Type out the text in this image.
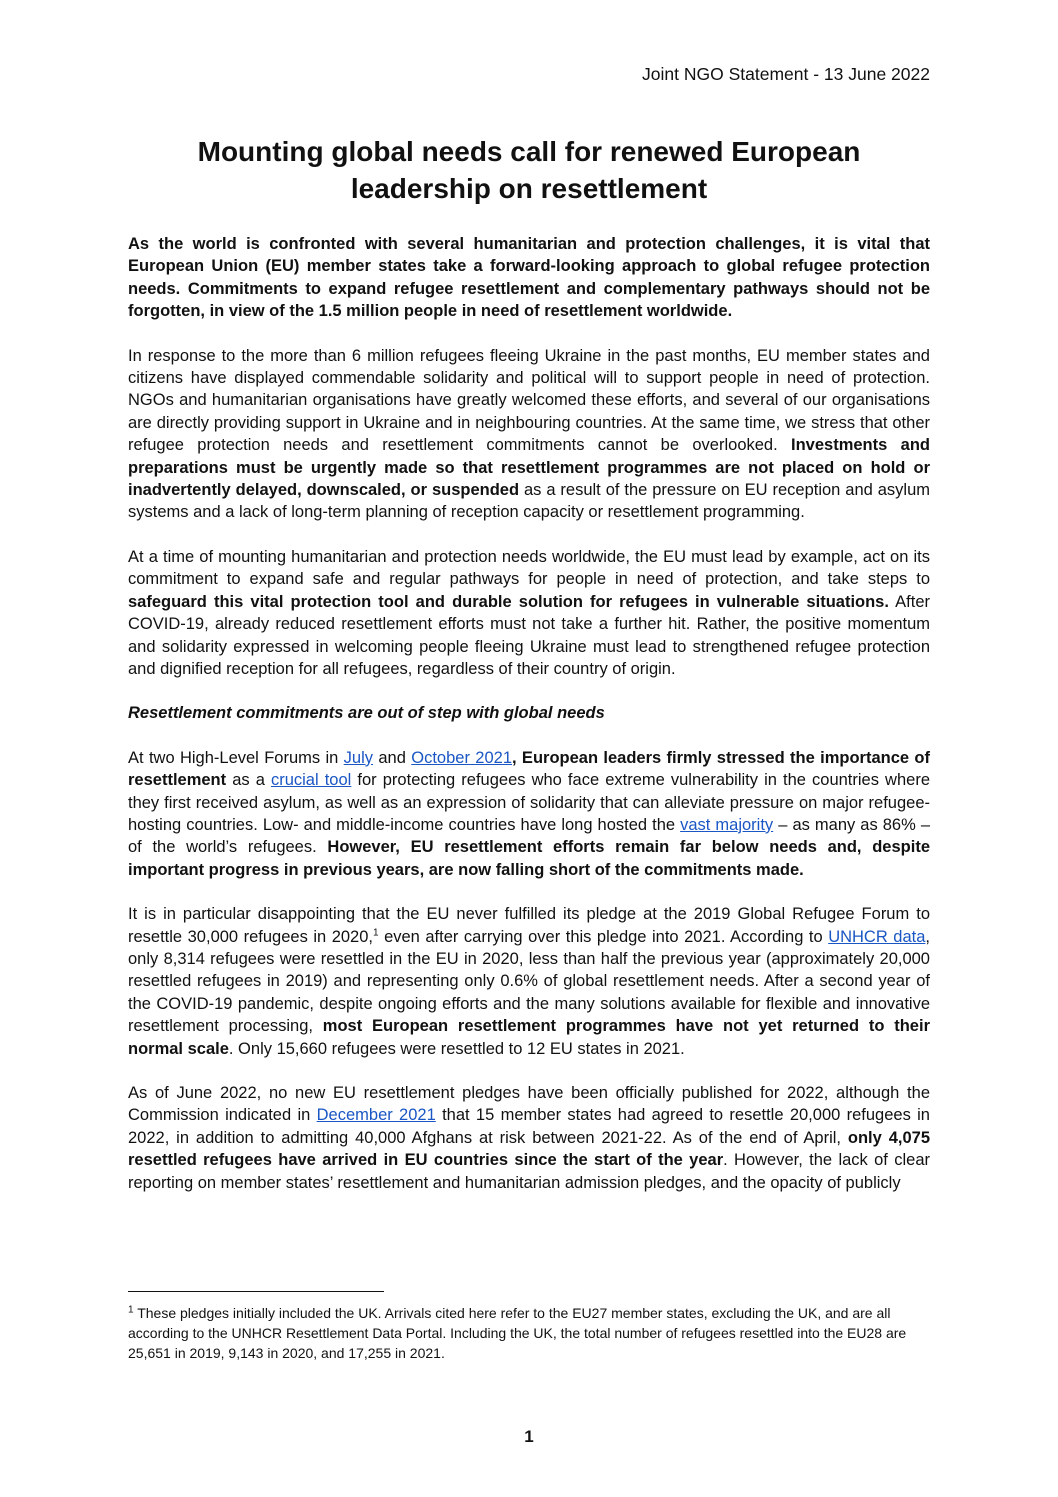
Joint NGO Statement - 13 June 2022
Mounting global needs call for renewed European leadership on resettlement

As the world is confronted with several humanitarian and protection challenges, it is vital that European Union (EU) member states take a forward-looking approach to global refugee protection needs. Commitments to expand refugee resettlement and complementary pathways should not be forgotten, in view of the 1.5 million people in need of resettlement worldwide.

In response to the more than 6 million refugees fleeing Ukraine in the past months, EU member states and citizens have displayed commendable solidarity and political will to support people in need of protection. NGOs and humanitarian organisations have greatly welcomed these efforts, and several of our organisations are directly providing support in Ukraine and in neighbouring countries. At the same time, we stress that other refugee protection needs and resettlement commitments cannot be overlooked. Investments and preparations must be urgently made so that resettlement programmes are not placed on hold or inadvertently delayed, downscaled, or suspended as a result of the pressure on EU reception and asylum systems and a lack of long-term planning of reception capacity or resettlement programming.

At a time of mounting humanitarian and protection needs worldwide, the EU must lead by example, act on its commitment to expand safe and regular pathways for people in need of protection, and take steps to safeguard this vital protection tool and durable solution for refugees in vulnerable situations. After COVID-19, already reduced resettlement efforts must not take a further hit. Rather, the positive momentum and solidarity expressed in welcoming people fleeing Ukraine must lead to strengthened refugee protection and dignified reception for all refugees, regardless of their country of origin.

Resettlement commitments are out of step with global needs

At two High-Level Forums in July and October 2021, European leaders firmly stressed the importance of resettlement as a crucial tool for protecting refugees who face extreme vulnerability in the countries where they first received asylum, as well as an expression of solidarity that can alleviate pressure on major refugee-hosting countries. Low- and middle-income countries have long hosted the vast majority – as many as 86% – of the world’s refugees. However, EU resettlement efforts remain far below needs and, despite important progress in previous years, are now falling short of the commitments made.

It is in particular disappointing that the EU never fulfilled its pledge at the 2019 Global Refugee Forum to resettle 30,000 refugees in 2020,$^1$ even after carrying over this pledge into 2021. According to UNHCR data, only 8,314 refugees were resettled in the EU in 2020, less than half the previous year (approximately 20,000 resettled refugees in 2019) and representing only 0.6% of global resettlement needs. After a second year of the COVID-19 pandemic, despite ongoing efforts and the many solutions available for flexible and innovative resettlement processing, most European resettlement programmes have not yet returned to their normal scale. Only 15,660 refugees were resettled to 12 EU states in 2021.

As of June 2022, no new EU resettlement pledges have been officially published for 2022, although the Commission indicated in December 2021 that 15 member states had agreed to resettle 20,000 refugees in 2022, in addition to admitting 40,000 Afghans at risk between 2021-22. As of the end of April, only 4,075 resettled refugees have arrived in EU countries since the start of the year. However, the lack of clear reporting on member states’ resettlement and humanitarian admission pledges, and the opacity of publicly

$^1$ These pledges initially included the UK. Arrivals cited here refer to the EU27 member states, excluding the UK, and are all according to the UNHCR Resettlement Data Portal. Including the UK, the total number of refugees resettled into the EU28 are 25,651 in 2019, 9,143 in 2020, and 17,255 in 2021.
1
